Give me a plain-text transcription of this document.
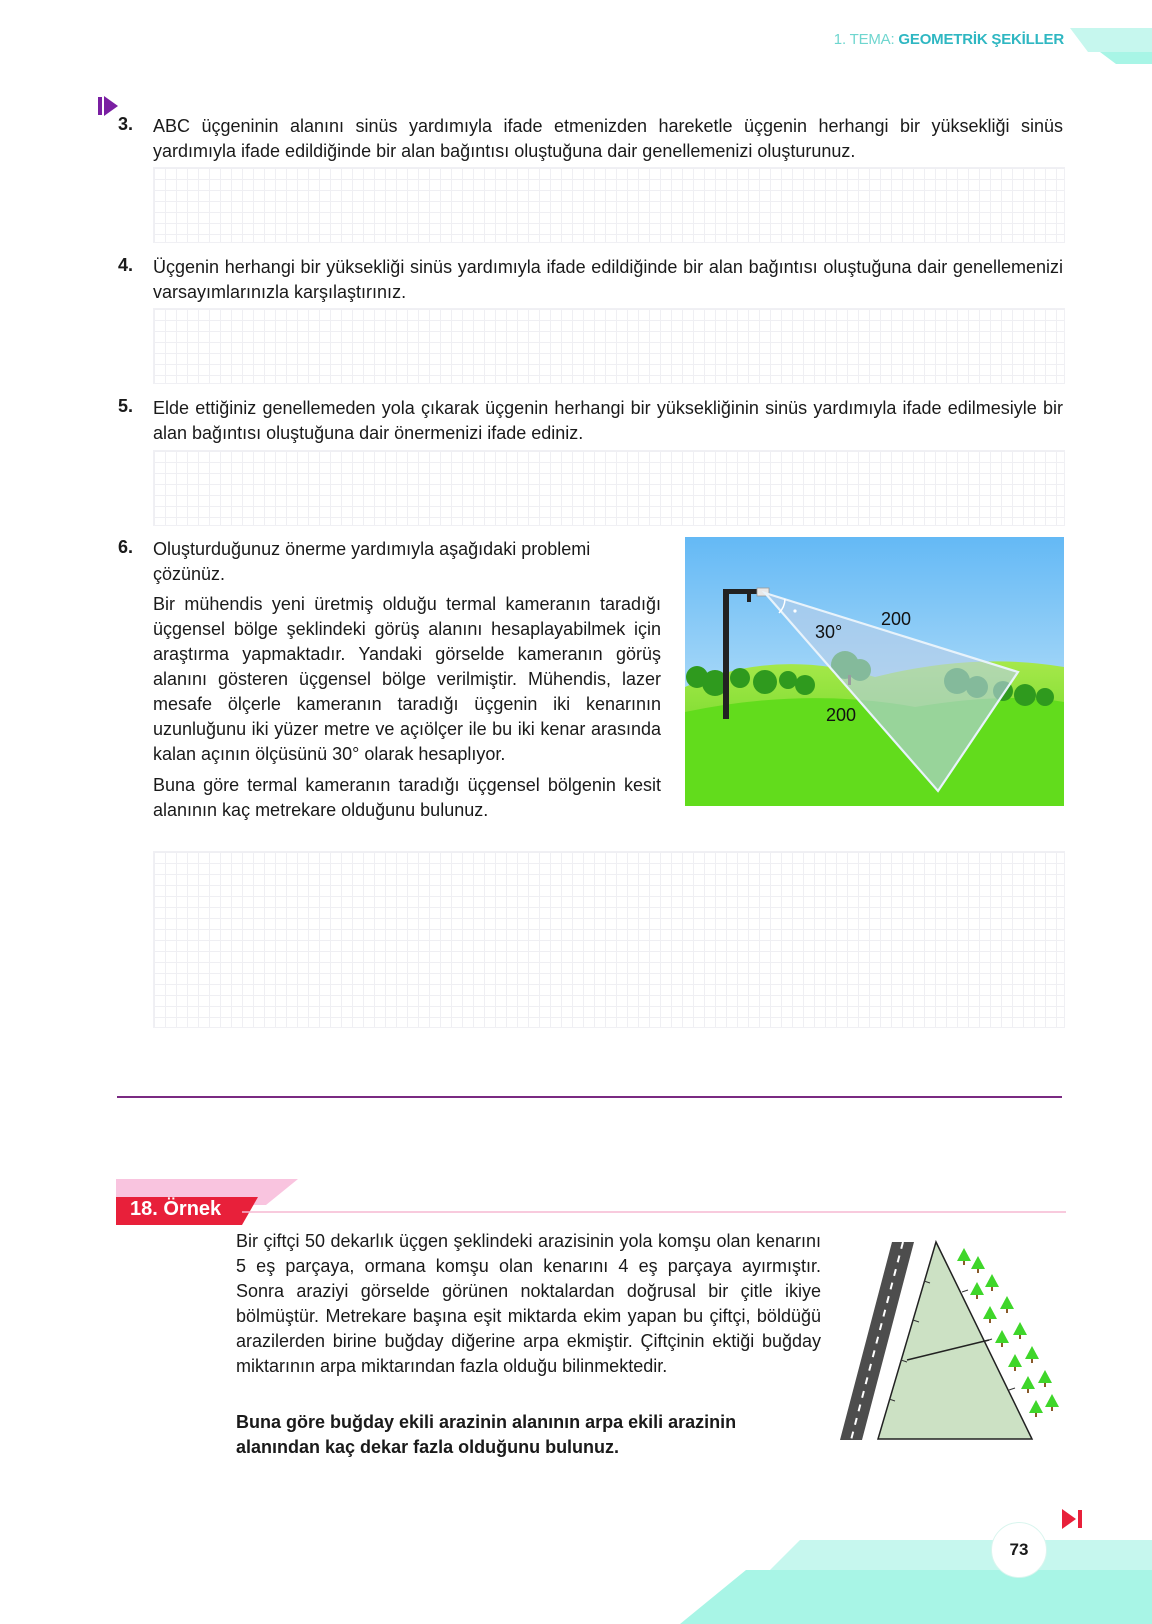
1. TEMA: GEOMETRİK ŞEKİLLER
3. ABC üçgeninin alanını sinüs yardımıyla ifade etmenizden hareketle üçgenin herhangi bir yüksekliği sinüs yardımıyla ifade edildiğinde bir alan bağıntısı oluştuğuna dair genellemenizi oluşturunuz.
4. Üçgenin herhangi bir yüksekliği sinüs yardımıyla ifade edildiğinde bir alan bağıntısı oluştuğuna dair genellemenizi varsayımlarınızla karşılaştırınız.
5. Elde ettiğiniz genellemeden yola çıkarak üçgenin herhangi bir yüksekliğinin sinüs yardımıyla ifade edilmesiyle bir alan bağıntısı oluştuğuna dair önermenizi ifade ediniz.
6. Oluşturduğunuz önerme yardımıyla aşağıdaki problemi çözünüz.
Bir mühendis yeni üretmiş olduğu termal kameranın taradığı üçgensel bölge şeklindeki görüş alanını hesaplayabilmek için araştırma yapmaktadır. Yandaki görselde kameranın görüş alanını gösteren üçgensel bölge verilmiştir. Mühendis, lazer mesafe ölçerle kameranın taradığı üçgenin iki kenarının uzunluğunu iki yüzer metre ve açıölçer ile bu iki kenar arasında kalan açının ölçüsünü 30° olarak hesaplıyor.
Buna göre termal kameranın taradığı üçgensel bölgenin kesit alanının kaç metrekare olduğunu bulunuz.
30°
200
200
18. Örnek
Bir çiftçi 50 dekarlık üçgen şeklindeki arazisinin yola komşu olan kenarını 5 eş parçaya, ormana komşu olan kenarını 4 eş parçaya ayırmıştır. Sonra araziyi görselde görünen noktalardan doğrusal bir çitle ikiye bölmüştür. Metrekare başına eşit miktarda ekim yapan bu çiftçi, böldüğü arazilerden birine buğday diğerine arpa ekmiştir. Çiftçinin ektiği buğday miktarının arpa miktarından fazla olduğu bilinmektedir.
Buna göre buğday ekili arazinin alanının arpa ekili arazinin alanından kaç dekar fazla olduğunu bulunuz.
73
